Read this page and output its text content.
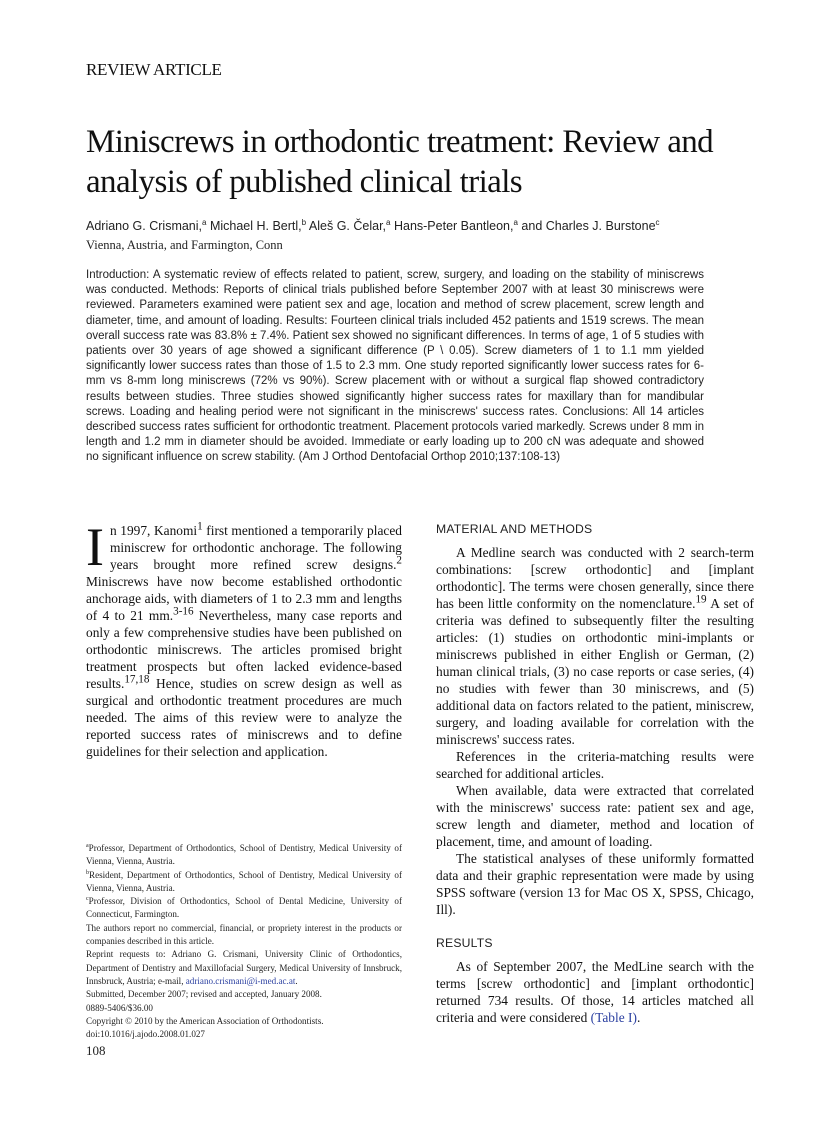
REVIEW ARTICLE
Miniscrews in orthodontic treatment: Review and analysis of published clinical trials
Adriano G. Crismani,$^a$ Michael H. Bertl,$^b$ Aleš G. Čelar,$^a$ Hans-Peter Bantleon,$^a$ and Charles J. Burstone$^c$
Vienna, Austria, and Farmington, Conn
Introduction: A systematic review of effects related to patient, screw, surgery, and loading on the stability of miniscrews was conducted. Methods: Reports of clinical trials published before September 2007 with at least 30 miniscrews were reviewed. Parameters examined were patient sex and age, location and method of screw placement, screw length and diameter, time, and amount of loading. Results: Fourteen clinical trials included 452 patients and 1519 screws. The mean overall success rate was 83.8% ± 7.4%. Patient sex showed no significant differences. In terms of age, 1 of 5 studies with patients over 30 years of age showed a significant difference (P \ 0.05). Screw diameters of 1 to 1.1 mm yielded significantly lower success rates than those of 1.5 to 2.3 mm. One study reported significantly lower success rates for 6-mm vs 8-mm long miniscrews (72% vs 90%). Screw placement with or without a surgical flap showed contradictory results between studies. Three studies showed significantly higher success rates for maxillary than for mandibular screws. Loading and healing period were not significant in the miniscrews' success rates. Conclusions: All 14 articles described success rates sufficient for orthodontic treatment. Placement protocols varied markedly. Screws under 8 mm in length and 1.2 mm in diameter should be avoided. Immediate or early loading up to 200 cN was adequate and showed no significant influence on screw stability. (Am J Orthod Dentofacial Orthop 2010;137:108-13)
In 1997, Kanomi$^1$ first mentioned a temporarily placed miniscrew for orthodontic anchorage. The following years brought more refined screw designs.$^2$ Miniscrews have now become established orthodontic anchorage aids, with diameters of 1 to 2.3 mm and lengths of 4 to 21 mm.$^{3-16}$ Nevertheless, many case reports and only a few comprehensive studies have been published on orthodontic miniscrews. The articles promised bright treatment prospects but often lacked evidence-based results.$^{17,18}$ Hence, studies on screw design as well as surgical and orthodontic treatment procedures are much needed. The aims of this review were to analyze the reported success rates of miniscrews and to define guidelines for their selection and application.
MATERIAL AND METHODS

A Medline search was conducted with 2 search-term combinations: [screw orthodontic] and [implant orthodontic]. The terms were chosen generally, since there has been little conformity on the nomenclature.$^{19}$ A set of criteria was defined to subsequently filter the resulting articles: (1) studies on orthodontic mini-implants or miniscrews published in either English or German, (2) human clinical trials, (3) no case reports or case series, (4) no studies with fewer than 30 miniscrews, and (5) additional data on factors related to the patient, miniscrew, surgery, and loading available for correlation with the miniscrews' success rates.

References in the criteria-matching results were searched for additional articles.

When available, data were extracted that correlated with the miniscrews' success rate: patient sex and age, screw length and diameter, method and location of placement, time, and amount of loading.

The statistical analyses of these uniformly formatted data and their graphic representation were made by using SPSS software (version 13 for Mac OS X, SPSS, Chicago, Ill).

RESULTS

As of September 2007, the MedLine search with the terms [screw orthodontic] and [implant orthodontic] returned 734 results. Of those, 14 articles matched all criteria and were considered (Table I).

$^a$Professor, Department of Orthodontics, School of Dentistry, Medical University of Vienna, Vienna, Austria.
$^b$Resident, Department of Orthodontics, School of Dentistry, Medical University of Vienna, Vienna, Austria.
$^c$Professor, Division of Orthodontics, School of Dental Medicine, University of Connecticut, Farmington.
The authors report no commercial, financial, or propriety interest in the products or companies described in this article.
Reprint requests to: Adriano G. Crismani, University Clinic of Orthodontics, Department of Dentistry and Maxillofacial Surgery, Medical University of Innsbruck, Innsbruck, Austria; e-mail, adriano.crismani@i-med.ac.at.
Submitted, December 2007; revised and accepted, January 2008.
0889-5406/$36.00
Copyright © 2010 by the American Association of Orthodontists.
doi:10.1016/j.ajodo.2008.01.027
108
